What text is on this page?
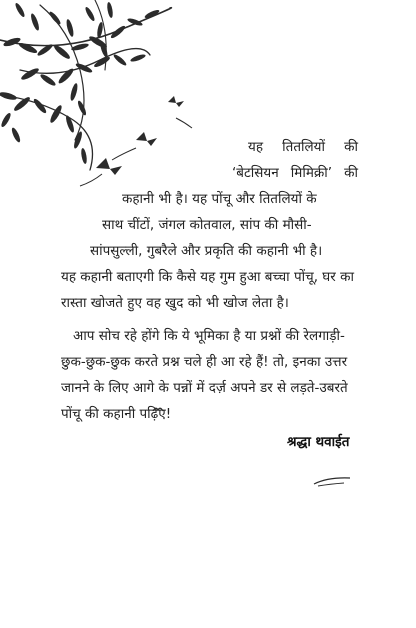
यह तितलियों की
‘बेटसियन मिमिक्री’ की
कहानी भी है। यह पोंचू और तितलियों के
साथ चींटों, जंगल कोतवाल, सांप की मौसी-
सांपसुल्ली, गुबरैले और प्रकृति की कहानी भी है।
यह कहानी बताएगी कि कैसे यह गुम हुआ बच्चा पोंचू, घर का
रास्ता खोजते हुए वह खुद को भी खोज लेता है।
आप सोच रहे होंगे कि ये भूमिका है या प्रश्नों की रेलगाड़ी-
छुक-छुक-छुक करते प्रश्न चले ही आ रहे हैं! तो, इनका उत्तर
जानने के लिए आगे के पन्नों में दर्ज़ अपने डर से लड़ते-उबरते
पोंचू की कहानी पढ़िए!
श्रद्धा थवाईत
